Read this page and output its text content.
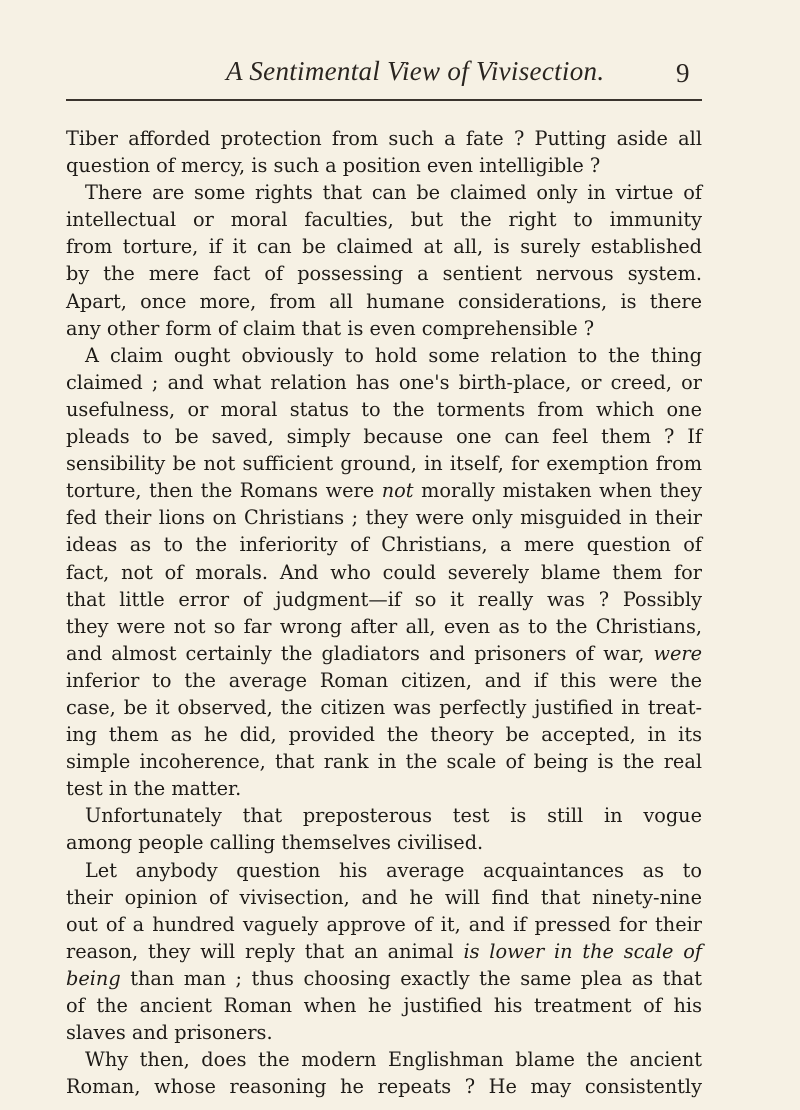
A Sentimental View of Vivisection.	9
Tiber afforded protection from such a fate ? Putting aside all
question of mercy, is such a position even intelligible ?
There are some rights that can be claimed only in virtue of
intellectual or moral faculties, but the right to immunity
from torture, if it can be claimed at all, is surely established
by the mere fact of possessing a sentient nervous system.
Apart, once more, from all humane considerations, is there
any other form of claim that is even comprehensible ?
A claim ought obviously to hold some relation to the thing
claimed ; and what relation has one's birth-place, or creed, or
usefulness, or moral status to the torments from which one
pleads to be saved, simply because one can feel them ? If
sensibility be not sufficient ground, in itself, for exemption from
torture, then the Romans were not morally mistaken when they
fed their lions on Christians ; they were only misguided in their
ideas as to the inferiority of Christians, a mere question of
fact, not of morals. And who could severely blame them for
that little error of judgment—if so it really was ? Possibly
they were not so far wrong after all, even as to the Christians,
and almost certainly the gladiators and prisoners of war, were
inferior to the average Roman citizen, and if this were the
case, be it observed, the citizen was perfectly justified in treat-
ing them as he did, provided the theory be accepted, in its
simple incoherence, that rank in the scale of being is the real
test in the matter.
Unfortunately that preposterous test is still in vogue
among people calling themselves civilised.
Let anybody question his average acquaintances as to
their opinion of vivisection, and he will find that ninety-nine
out of a hundred vaguely approve of it, and if pressed for their
reason, they will reply that an animal is lower in the scale of
being than man ; thus choosing exactly the same plea as that
of the ancient Roman when he justified his treatment of his
slaves and prisoners.
Why then, does the modern Englishman blame the ancient
Roman, whose reasoning he repeats ? He may consistently
